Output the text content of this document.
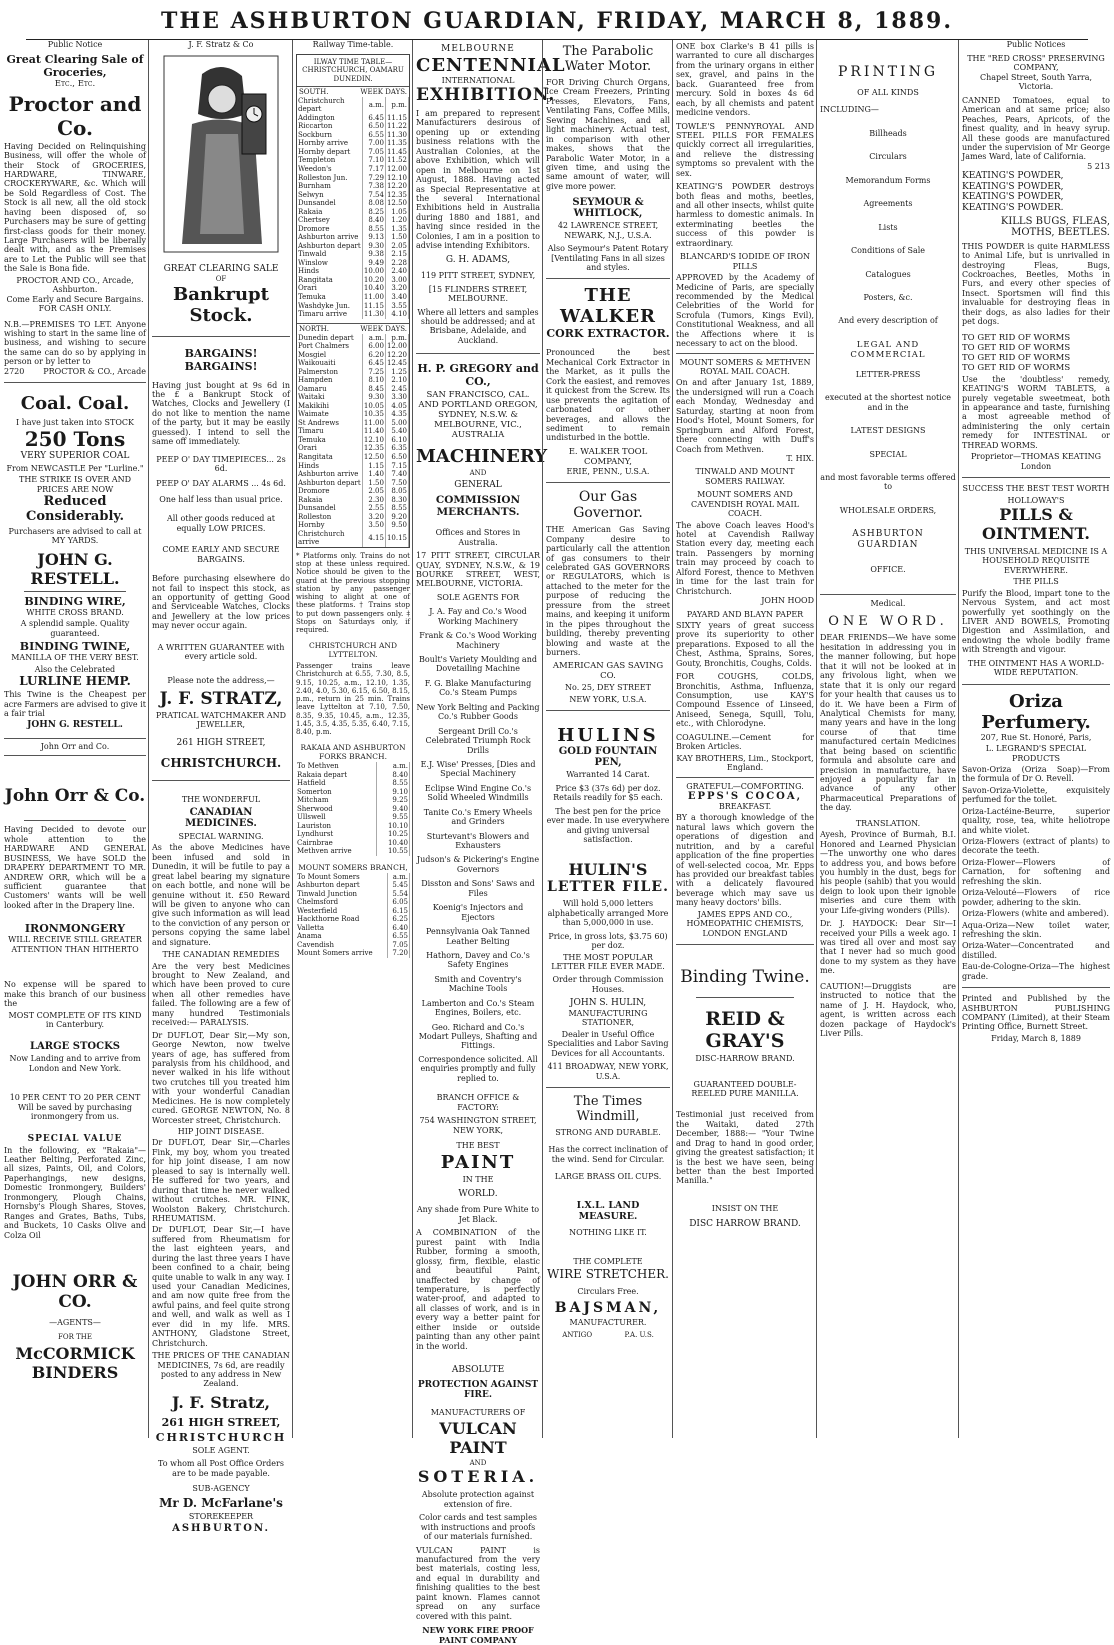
THE ASHBURTON GUARDIAN, FRIDAY, MARCH 8, 1889.
Public Notice
Great Clearing Sale of Groceries,
Etc., Etc.
Proctor and Co.
Having Decided on Relinquishing Business, will offer the whole of their Stock of GROCERIES, HARDWARE, TINWARE, CROCKERYWARE, &c. Which will be Sold Regardless of Cost. The Stock is all new, all the old stock having been disposed of, so Purchasers may be sure of getting first-class goods for their money. Large Purchasers will be liberally dealt with, and as the Premises are to Let the Public will see that the Sale is Bona fide.
PROCTOR AND CO., Arcade, Ashburton.
Come Early and Secure Bargains. FOR CASH ONLY.
N.B.—PREMISES TO LET. Anyone wishing to start in the same line of business, and wishing to secure the same can do so by applying in person or by letter to
2720 PROCTOR & CO., Arcade
Coal. Coal.
I have just taken into STOCK
250 Tons
VERY SUPERIOR COAL
From NEWCASTLE Per "Lurline."
THE STRIKE IS OVER AND PRICES ARE NOW
Reduced Considerably.
Purchasers are advised to call at MY YARDS.
JOHN G. RESTELL.
BINDING WIRE,
WHITE CROSS BRAND.
A splendid sample. Quality guaranteed.
BINDING TWINE,
MANILLA OF THE VERY BEST.
Also the Celebrated
LURLINE HEMP.
This Twine is the Cheapest per acre Farmers are advised to give it a fair trial
JOHN G. RESTELL.
John Orr and Co.
John Orr & Co.
Having Decided to devote our whole attention to the HARDWARE AND GENERAL BUSINESS, We have SOLD the DRAPERY DEPARTMENT TO MR. ANDREW ORR, which will be a sufficient guarantee that Customers' wants will be well looked after in the Drapery line.
IRONMONGERY
WILL RECEIVE STILL GREATER ATTENTION THAN HITHERTO
No expense will be spared to make this branch of our business the
MOST COMPLETE OF ITS KIND in Canterbury.
LARGE STOCKS
Now Landing and to arrive from London and New York.
10 PER CENT TO 20 PER CENT Will be saved by purchasing ironmongery from us.
SPECIAL VALUE
In the following, ex "Rakaia"—Leather Belting, Perforated Zinc, all sizes, Paints, Oil, and Colors, Paperhangings, new designs, Domestic Ironmongery, Builders' Ironmongery, Plough Chains, Hornsby's Plough Shares, Stoves, Ranges and Grates, Baths, Tubs, and Buckets, 10 Casks Olive and Colza Oil
JOHN ORR & CO.
—AGENTS—
FOR THE
McCORMICK
BINDERS
J. F. Stratz & Co
GREAT CLEARING SALE
OF
Bankrupt Stock.
BARGAINS! BARGAINS!
Having just bought at 9s 6d in the £ a Bankrupt Stock of Watches, Clocks and Jewellery (I do not like to mention the name of the party, but it may be easily guessed). I intend to sell the same off immediately.
PEEP O' DAY TIMEPIECES... 2s 6d.
PEEP O' DAY ALARMS ... 4s 6d.
One half less than usual price.
All other goods reduced at equally LOW PRICES.
COME EARLY AND SECURE BARGAINS.
Before purchasing elsewhere do not fail to inspect this stock, as an opportunity of getting Good and Serviceable Watches, Clocks and Jewellery at the low prices may never occur again.
A WRITTEN GUARANTEE with every article sold.
Please note the address,—
J. F. STRATZ,
PRATICAL WATCHMAKER AND JEWELLER,
261 HIGH STREET,
CHRISTCHURCH.
THE WONDERFUL
CANADIAN MEDICINES.
SPECIAL WARNING.
As the above Medicines have been infused and sold in Dunedin, it will be futile to pay a great label bearing my signature on each bottle, and none will be genuine without it. £50 Reward will be given to anyone who can give such information as will lead to the conviction of any person or persons copying the same label and signature.
THE CANADIAN REMEDIES
Are the very best Medicines brought to New Zealand, and which have been proved to cure when all other remedies have failed. The following are a few of many hundred Testimonials received:— PARALYSIS.
Dr DUFLOT, Dear Sir,—My son, George Newton, now twelve years of age, has suffered from paralysis from his childhood, and never walked in his life without two crutches till you treated him with your wonderful Canadian Medicines. He is now completely cured. GEORGE NEWTON, No. 8 Worcester street, Christchurch.
HIP JOINT DISEASE.
Dr DUFLOT, Dear Sir,—Charles Fink, my boy, whom you treated for hip joint disease, I am now pleased to say is internally well. He suffered for two years, and during that time he never walked without crutches. MR. FINK, Woolston Bakery, Christchurch. RHEUMATISM.
Dr DUFLOT, Dear Sir,—I have suffered from Rheumatism for the last eighteen years, and during the last three years I have been confined to a chair, being quite unable to walk in any way. I used your Canadian Medicines, and am now quite free from the awful pains, and feel quite strong and well, and walk as well as I ever did in my life. MRS. ANTHONY, Gladstone Street, Christchurch.
THE PRICES OF THE CANADIAN MEDICINES, 7s 6d, are readily posted to any address in New Zealand.
J. F. Stratz,
261 HIGH STREET,
CHRISTCHURCH
SOLE AGENT.
To whom all Post Office Orders are to be made payable.
SUB-AGENCY
Mr D. McFarlane's
STOREKEEPER
ASHBURTON.
Railway Time-table.
ILWAY TIME TABLE—CHRISTCHURCH, OAMARU DUNEDIN.
SOUTH.	WEEK DAYS.
Christchurch depart	a.m.	p.m.
Addington	6.45	11.15
Riccarton	6.50	11.22
Sockburn	6.55	11.30
Hornby arrive	7.00	11.35
Hornby depart	7.05	11.45
Templeton	7.10	11.52
Weedon's	7.17	12.00
Rolleston Jun.	7.29	12.10
Burnham	7.38	12.20
Selwyn	7.54	12.35
Dunsandel	8.08	12.50
Rakaia	8.25	1.05
Chertsey	8.40	1.20
Dromore	8.55	1.35
Ashburton arrive	9.13	1.50
Ashburton depart	9.30	2.05
Tinwald	9.38	2.15
Winslow	9.49	2.28
Hinds	10.00	2.40
Rangitata	10.20	3.00
Orari	10.40	3.20
Temuka	11.00	3.40
Washdyke Jun.	11.15	3.55
Timaru arrive	11.30	4.10
NORTH.	WEEK DAYS.
Dunedin depart	a.m.	p.m.
Port Chalmers	6.00	12.00
Mosgiel	6.20	12.20
Waikouaiti	6.45	12.45
Palmerston	7.25	1.25
Hampden	8.10	2.10
Oamaru	8.45	2.45
Waitaki	9.30	3.30
Makikihi	10.05	4.05
Waimate	10.35	4.35
St Andrews	11.00	5.00
Timaru	11.40	5.40
Temuka	12.10	6.10
Orari	12.35	6.35
Rangitata	12.50	6.50
Hinds	1.15	7.15
Ashburton arrive	1.40	7.40
Ashburton depart	1.50	7.50
Dromore	2.05	8.05
Rakaia	2.30	8.30
Dunsandel	2.55	8.55
Rolleston	3.20	9.20
Hornby	3.50	9.50
Christchurch arrive	4.15	10.15
* Platforms only. Trains do not stop at these unless required. Notice should be given to the guard at the previous stopping station by any passenger wishing to alight at one of these platforms. † Trains stop to put down passengers only. ‡ Stops on Saturdays only, if required.
CHRISTCHURCH AND LYTTELTON.
Passenger trains leave Christchurch at 6.55, 7.30, 8.5, 9.15, 10.25, a.m., 12.10, 1.35, 2.40, 4.0, 5.30, 6.15, 6.50, 8.15, p.m., return in 25 min. Trains leave Lyttelton at 7.10, 7.50, 8.35, 9.35, 10.45, a.m., 12.35, 1.45, 3.5, 4.35, 5.35, 6.40, 7.15, 8.40, p.m.
RAKAIA AND ASHBURTON FORKS BRANCH.
To Methven	a.m.
Rakaia depart	8.40
Hatfield	8.55
Somerton	9.10
Mitcham	9.25
Sherwood	9.40
Ullswell	9.55
Lauriston	10.10
Lyndhurst	10.25
Cairnbrae	10.40
Methven arrive	10.55
MOUNT SOMERS BRANCH,
To Mount Somers	a.m.
Ashburton depart	5.45
Tinwald Junction	5.54
Chelmsford	6.05
Westerfield	6.15
Hackthorne Road	6.25
Valletta	6.40
Anama	6.55
Cavendish	7.05
Mount Somers arrive	7.20
MELBOURNE
CENTENNIAL
INTERNATIONAL
EXHIBITION.
I am prepared to represent Manufacturers desirous of opening up or extending business relations with the Australian Colonies, at the above Exhibition, which will open in Melbourne on 1st August, 1888. Having acted as Special Representative at the several International Exhibitions held in Australia during 1880 and 1881, and having since resided in the Colonies, I am in a position to advise intending Exhibitors.
G. H. ADAMS,
119 PITT STREET, SYDNEY,
[15 FLINDERS STREET, MELBOURNE.
Where all letters and samples should be addressed; and at Brisbane, Adelaide, and Auckland.
H. P. GREGORY and CO.,
SAN FRANCISCO, CAL. AND PORTLAND OREGON, SYDNEY, N.S.W. & MELBOURNE, VIC., AUSTRALIA
MACHINERY
AND
GENERAL
COMMISSION MERCHANTS.
Offices and Stores in Australia.
17 PITT STREET, CIRCULAR QUAY, SYDNEY, N.S.W., & 19 BOURKE STREET, WEST, MELBOURNE, VICTORIA.
SOLE AGENTS FOR
J. A. Fay and Co.'s Wood Working Machinery
Frank & Co.'s Wood Working Machinery
Boult's Variety Moulding and Dovetailing Machine
F. G. Blake Manufacturing Co.'s Steam Pumps
New York Belting and Packing Co.'s Rubber Goods
Sergeant Drill Co.'s Celebrated Triumph Rock Drills
E.J. Wise' Presses, [Dies and Special Machinery
Eclipse Wind Engine Co.'s Solid Wheeled Windmills
Tanite Co.'s Emery Wheels and Grinders
Sturtevant's Blowers and Exhausters
Judson's & Pickering's Engine Governors
Disston and Sons' Saws and Files
Koenig's Injectors and Ejectors
Pennsylvania Oak Tanned Leather Belting
Hathorn, Davey and Co.'s Safety Engines
Smith and Coventry's Machine Tools
Lamberton and Co.'s Steam Engines, Boilers, etc.
Geo. Richard and Co.'s Modart Pulleys, Shafting and Fittings.
Correspondence solicited. All enquiries promptly and fully replied to.
BRANCH OFFICE & FACTORY:
754 WASHINGTON STREET, NEW YORK,
THE BEST
PAINT
IN THE
WORLD.
Any shade from Pure White to Jet Black.
A COMBINATION of the purest paint with India Rubber, forming a smooth, glossy, firm, flexible, elastic and beautiful Paint, unaffected by change of temperature, is perfectly water-proof, and adapted to all classes of work, and is in every way a better paint for either inside or outside painting than any other paint in the world.
ABSOLUTE
PROTECTION AGAINST FIRE.
MANUFACTURERS OF
VULCAN PAINT
AND
SOTERIA.
Absolute protection against extension of fire.
Color cards and test samples with instructions and proofs of our materials furnished.
VULCAN PAINT is manufactured from the very best materials, costing less, and equal in durability and finishing qualities to the best paint known. Flames cannot spread on any surface covered with this paint.
NEW YORK FIRE PROOF PAINT COMPANY
The Parabolic Water Motor.
FOR Driving Church Organs, Ice Cream Freezers, Printing Presses, Elevators, Fans, Ventilating Fans, Coffee Mills, Sewing Machines, and all light machinery. Actual test, in comparison with other makes, shows that the Parabolic Water Motor, in a given time, and using the same amount of water, will give more power.
SEYMOUR & WHITLOCK,
42 LAWRENCE STREET,
NEWARK, N.J., U.S.A.
Also Seymour's Patent Rotary [Ventilating Fans in all sizes and styles.
THE WALKER
CORK EXTRACTOR.
Pronounced the best Mechanical Cork Extractor in the Market, as it pulls the Cork the easiest, and removes it quickest from the Screw. Its use prevents the agitation of carbonated or other beverages, and allows the sediment to remain undisturbed in the bottle.
E. WALKER TOOL COMPANY,
ERIE, PENN., U.S.A.
Our Gas Governor.
THE American Gas Saving Company desire to particularly call the attention of gas consumers to their celebrated GAS GOVERNORS or REGULATORS, which is attached to the meter for the purpose of reducing the pressure from the street mains, and keeping it uniform in the pipes throughout the building, thereby preventing blowing and waste at the burners.
AMERICAN GAS SAVING CO.
No. 25, DEY STREET
NEW YORK, U.S.A.
HULINS
GOLD FOUNTAIN PEN,
Warranted 14 Carat.
Price $3 (37s 6d) per doz. Retails readily for $5 each.
The best pen for the price ever made. In use everywhere and giving universal satisfaction.
HULIN'S
LETTER FILE.
Will hold 5,000 letters alphabetically arranged More than 5,000,000 in use.
Price, in gross lots, $3.75 60) per doz.
THE MOST POPULAR LETTER FILE EVER MADE.
Order through Commission Houses.
JOHN S. HULIN,
MANUFACTURING STATIONER,
Dealer in Useful Office Specialities and Labor Saving Devices for all Accountants.
411 BROADWAY, NEW YORK, U.S.A.
The Times Windmill,
STRONG AND DURABLE.
Has the correct inclination of the wind. Send for Circular.
LARGE BRASS OIL CUPS.
I.X.L. LAND MEASURE.
NOTHING LIKE IT.
THE COMPLETE
WIRE STRETCHER.
Circulars Free.
BAJSMAN,
MANUFACTURER.
ANTIGO	P.A. U.S.
ONE box Clarke's B 41 pills is warranted to cure all discharges from the urinary organs in either sex, gravel, and pains in the back. Guaranteed free from mercury. Sold in boxes 4s 6d each, by all chemists and patent medicine vendors.
TOWLE'S PENNYROYAL AND STEEL PILLS FOR FEMALES quickly correct all irregularities, and relieve the distressing symptoms so prevalent with the sex.
KEATING'S POWDER destroys both fleas and moths, beetles, and all other insects, whilst quite harmless to domestic animals. In exterminating beetles the success of this powder is extraordinary.
BLANCARD'S IODIDE OF IRON PILLS
APPROVED by the Academy of Medicine of Paris, are specially recommended by the Medical Celebrities of the World for Scrofula (Tumors, Kings Evil), Constitutional Weakness, and all the Affections where it is necessary to act on the blood.
MOUNT SOMERS & METHVEN ROYAL MAIL COACH.
On and after January 1st, 1889, the undersigned will run a Coach each Monday, Wednesday and Saturday, starting at noon from Hood's Hotel, Mount Somers, for Springburn and Alford Forest, there connecting with Duff's Coach from Methven.
T. HIX.
TINWALD AND MOUNT SOMERS RAILWAY.
MOUNT SOMERS AND CAVENDISH ROYAL MAIL COACH.
The above Coach leaves Hood's hotel at Cavendish Railway Station every day, meeting each train. Passengers by morning train may proceed by coach to Alford Forest, thence to Methven in time for the last train for Christchurch.
JOHN HOOD
PAYARD AND BLAYN PAPER
SIXTY years of great success prove its superiority to other preparations. Exposed to all the Chest, Asthma, Sprains, Sores, Gouty, Bronchitis, Coughs, Colds.
FOR COUGHS, COLDS, Bronchitis, Asthma, Influenza, Consumption, use KAY'S Compound Essence of Linseed, Aniseed, Senega, Squill, Tolu, etc., with Chlorodyne.
COAGULINE.—Cement for Broken Articles.
KAY BROTHERS, Lim., Stockport, England.
GRATEFUL—COMFORTING.
EPPS'S COCOA,
BREAKFAST.
BY a thorough knowledge of the natural laws which govern the operations of digestion and nutrition, and by a careful application of the fine properties of well-selected cocoa, Mr. Epps has provided our breakfast tables with a delicately flavoured beverage which may save us many heavy doctors' bills.
JAMES EPPS AND CO., HOMEOPATHIC CHEMISTS, LONDON ENGLAND
Binding Twine.
REID & GRAY'S
DISC-HARROW BRAND.
GUARANTEED DOUBLE-REELED PURE MANILLA.
Testimonial just received from the Waitaki, dated 27th December, 1888:— "Your Twine and Drag to hand in good order, giving the greatest satisfaction; it is the best we have seen, being better than the best Imported Manilla."
INSIST ON THE
DISC HARROW BRAND.
PRINTING
OF ALL KINDS
INCLUDING—
Billheads
Circulars
Memorandum Forms
Agreements
Lists
Conditions of Sale
Catalogues
Posters, &c.
And every description of
LEGAL AND COMMERCIAL
LETTER-PRESS
executed at the shortest notice and in the
LATEST DESIGNS
SPECIAL
and most favorable terms offered to
WHOLESALE ORDERS,
ASHBURTON GUARDIAN
OFFICE.
Medical.
ONE WORD.
DEAR FRIENDS—We have some hesitation in addressing you in the manner following, but hope that it will not be looked at in any frivolous light, when we state that it is only our regard for your health that causes us to do it. We have been a Firm of Analytical Chemists for many, many years and have in the long course of that time manufactured certain Medicines that being based on scientific formula and absolute care and precision in manufacture, have enjoyed a popularity far in advance of any other Pharmaceutical Preparations of the day.
TRANSLATION.
Ayesh, Province of Burmah, B.I. Honored and Learned Physician—The unworthy one who dares to address you, and bows before you humbly in the dust, begs for his people (sahib) that you would deign to look upon their ignoble miseries and cure them with your Life-giving wonders (Pills).
Dr. J. HAYDOCK: Dear Sir—I received your Pills a week ago. I was tired all over and most say that I never had so much good done to my system as they have me.
CAUTION!—Druggists are instructed to notice that the name of J. H. Haydock, who, agent, is written across each dozen package of Haydock's Liver Pills.
Public Notices
THE "RED CROSS" PRESERVING COMPANY,
Chapel Street, South Yarra, Victoria.
CANNED Tomatoes, equal to American and at same price; also Peaches, Pears, Apricots, of the finest quality, and in heavy syrup. All these goods are manufactured under the supervision of Mr George James Ward, late of California.
5 213
KEATING'S POWDER,
KEATING'S POWDER,
KEATING'S POWDER,
KEATING'S POWDER.
KILLS BUGS, FLEAS, MOTHS, BEETLES.
THIS POWDER is quite HARMLESS to Animal Life, but is unrivalled in destroying Fleas, Bugs, Cockroaches, Beetles, Moths in Furs, and every other species of Insect. Sportsmen will find this invaluable for destroying fleas in their dogs, as also ladies for their pet dogs.
TO GET RID OF WORMS
TO GET RID OF WORMS
TO GET RID OF WORMS
TO GET RID OF WORMS
Use the 'doubtless' remedy, KEATING'S WORM TABLETS, a purely vegetable sweetmeat, both in appearance and taste, furnishing a most agreeable method of administering the only certain remedy for INTESTINAL or THREAD WORMS.
Proprietor—THOMAS KEATING London
SUCCESS THE BEST TEST WORTH
HOLLOWAY'S
PILLS & OINTMENT.
THIS UNIVERSAL MEDICINE IS A HOUSEHOLD REQUISITE EVERYWHERE.
THE PILLS
Purify the Blood, impart tone to the Nervous System, and act most powerfully yet soothingly on the LIVER AND BOWELS, Promoting Digestion and Assimilation, and endowing the whole bodily frame with Strength and vigour.
THE OINTMENT HAS A WORLD-WIDE REPUTATION.
Oriza Perfumery.
207, Rue St. Honoré, Paris,
L. LEGRAND'S SPECIAL PRODUCTS
Savon-Oriza (Oriza Soap)—From the formula of Dr O. Revell.
Savon-Oriza-Violette, exquisitely perfumed for the toilet.
Oriza-Lactéine-Beurre, superior quality, rose, tea, white heliotrope and white violet.
Oriza-Flowers (extract of plants) to decorate the teeth.
Oriza-Flower—Flowers of Carnation, for softening and refreshing the skin.
Oriza-Velouté—Flowers of rice powder, adhering to the skin.
Oriza-Flowers (white and ambered).
Aqua-Oriza—New toilet water, refreshing the skin.
Oriza-Water—Concentrated and distilled.
Eau-de-Cologne-Oriza—The highest grade.
Printed and Published by the ASHBURTON PUBLISHING COMPANY (Limited), at their Steam Printing Office, Burnett Street.
Friday, March 8, 1889
